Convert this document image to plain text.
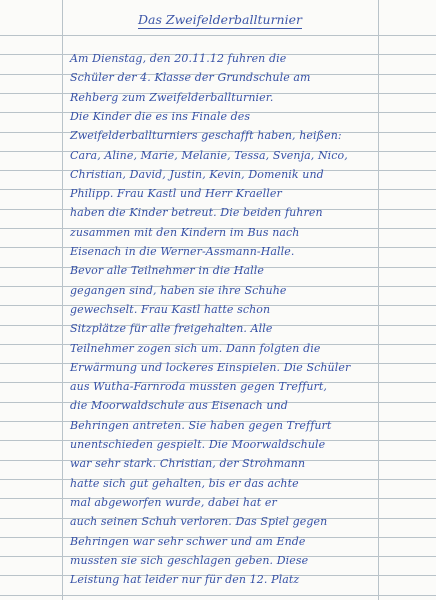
Das Zweifelderballturnier
Am Dienstag, den 20.11.12 fuhren die
Schüler der 4. Klasse der Grundschule am
Rehberg zum Zweifelderballturnier.
Die Kinder die es ins Finale des
Zweifelderballturniers geschafft haben, heißen:
Cara, Aline, Marie, Melanie, Tessa, Svenja, Nico,
Christian, David, Justin, Kevin, Domenik und
Philipp. Frau Kastl und Herr Kraeller
haben die Kinder betreut. Die beiden fuhren
zusammen mit den Kindern im Bus nach
Eisenach in die Werner-Assmann-Halle.
Bevor alle Teilnehmer in die Halle
gegangen sind, haben sie ihre Schuhe
gewechselt. Frau Kastl hatte schon
Sitzplätze für alle freigehalten. Alle
Teilnehmer zogen sich um. Dann folgten die
Erwärmung und lockeres Einspielen. Die Schüler
aus Wutha-Farnroda mussten gegen Treffurt,
die Moorwaldschule aus Eisenach und
Behringen antreten. Sie haben gegen Treffurt
unentschieden gespielt. Die Moorwaldschule
war sehr stark. Christian, der Strohmann
hatte sich gut gehalten, bis er das achte
mal abgeworfen wurde, dabei hat er
auch seinen Schuh verloren. Das Spiel gegen
Behringen war sehr schwer und am Ende
mussten sie sich geschlagen geben. Diese
Leistung hat leider nur für den 12. Platz
